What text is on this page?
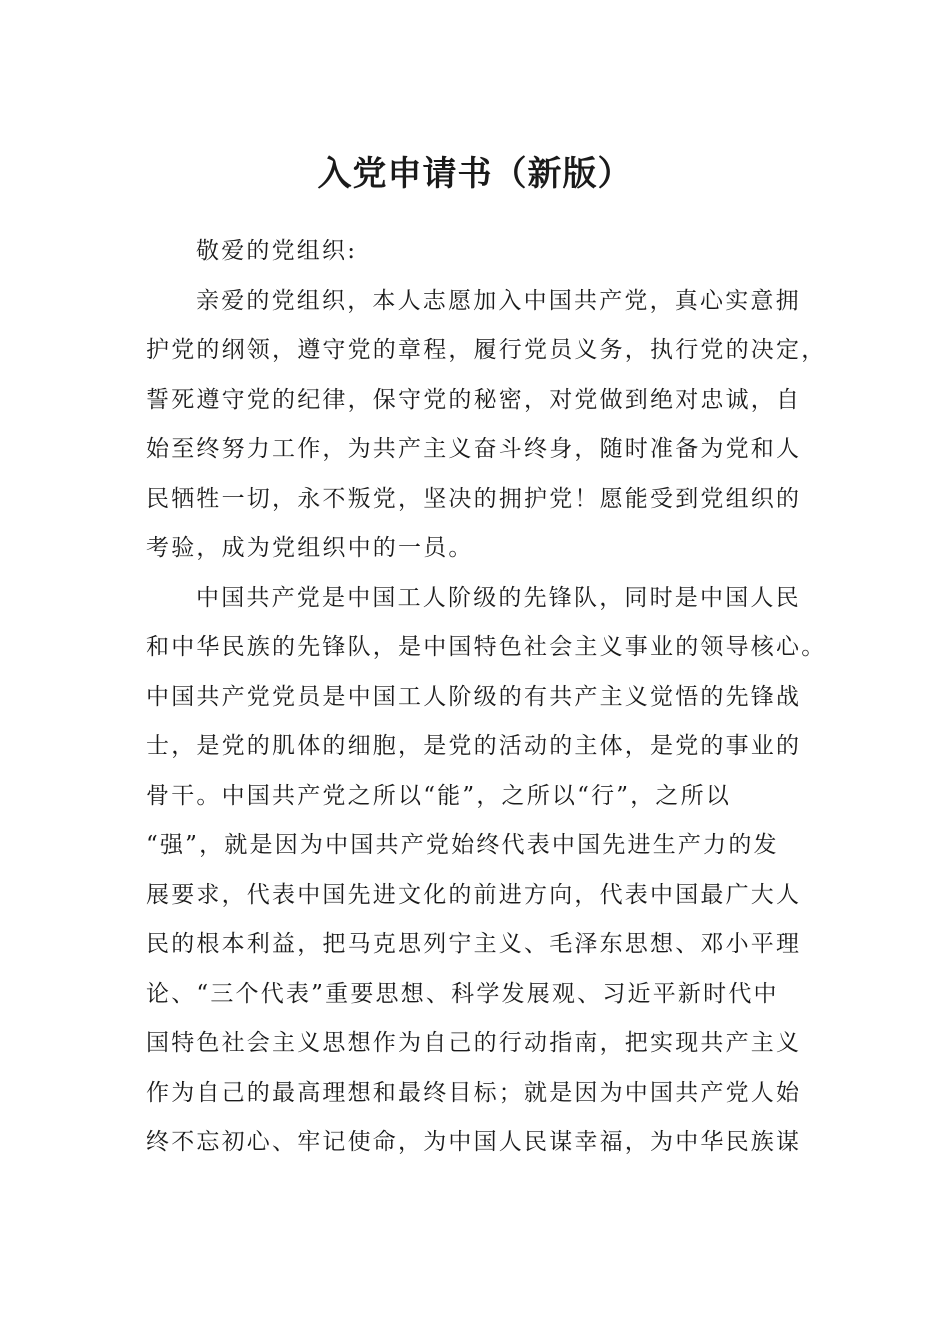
入党申请书（新版）

敬爱的党组织:

亲爱的党组织，本人志愿加入中国共产党，真心实意拥
护党的纲领，遵守党的章程，履行党员义务，执行党的决定，
誓死遵守党的纪律，保守党的秘密，对党做到绝对忠诚，自
始至终努力工作，为共产主义奋斗终身，随时准备为党和人
民牺牲一切，永不叛党，坚决的拥护党！愿能受到党组织的
考验，成为党组织中的一员。

中国共产党是中国工人阶级的先锋队，同时是中国人民
和中华民族的先锋队，是中国特色社会主义事业的领导核心。
中国共产党党员是中国工人阶级的有共产主义觉悟的先锋战
士，是党的肌体的细胞，是党的活动的主体，是党的事业的
骨干。中国共产党之所以“能”，之所以“行”，之所以
“强”，就是因为中国共产党始终代表中国先进生产力的发
展要求，代表中国先进文化的前进方向，代表中国最广大人
民的根本利益，把马克思列宁主义、毛泽东思想、邓小平理
论、“三个代表”重要思想、科学发展观、习近平新时代中
国特色社会主义思想作为自己的行动指南，把实现共产主义
作为自己的最高理想和最终目标；就是因为中国共产党人始
终不忘初心、牢记使命，为中国人民谋幸福，为中华民族谋
